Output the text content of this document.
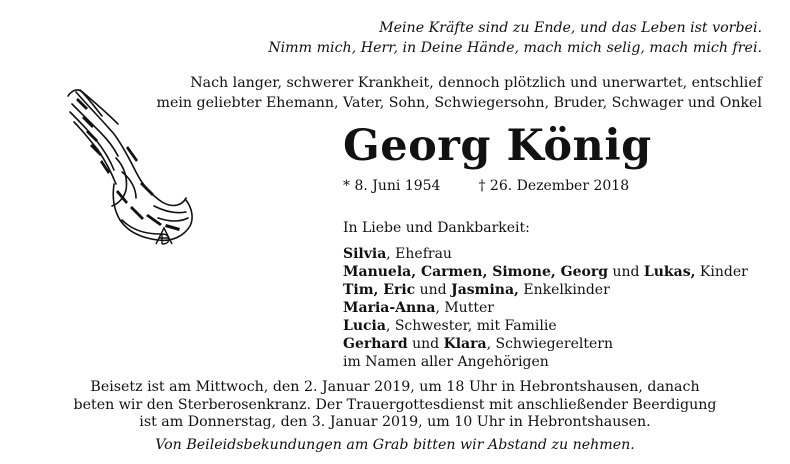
Meine Kräfte sind zu Ende, und das Leben ist vorbei.
Nimm mich, Herr, in Deine Hände, mach mich selig, mach mich frei.
Nach langer, schwerer Krankheit, dennoch plötzlich und unerwartet, entschlief
mein geliebter Ehemann, Vater, Sohn, Schwiegersohn, Bruder, Schwager und Onkel
Georg König
* 8. Juni 1954	† 26. Dezember 2018
In Liebe und Dankbarkeit:
Silvia, Ehefrau
Manuela, Carmen, Simone, Georg und Lukas, Kinder
Tim, Eric und Jasmina, Enkelkinder
Maria-Anna, Mutter
Lucia, Schwester, mit Familie
Gerhard und Klara, Schwiegereltern
im Namen aller Angehörigen
Beisetz ist am Mittwoch, den 2. Januar 2019, um 18 Uhr in Hebrontshausen, danach
beten wir den Sterberosenkranz. Der Trauergottesdienst mit anschließender Beerdigung
ist am Donnerstag, den 3. Januar 2019, um 10 Uhr in Hebrontshausen.
Von Beileidsbekundungen am Grab bitten wir Abstand zu nehmen.
